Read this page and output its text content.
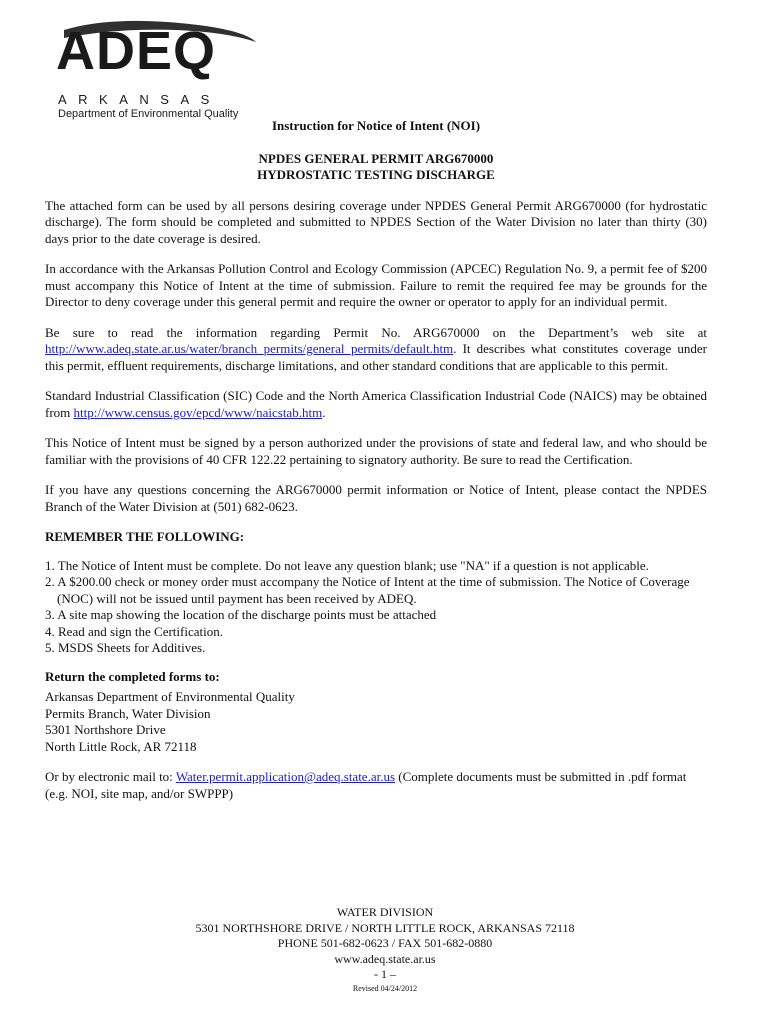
ADEQ
ARKANSAS
Department of Environmental Quality
Instruction for Notice of Intent (NOI)
NPDES GENERAL PERMIT ARG670000
HYDROSTATIC TESTING DISCHARGE

The attached form can be used by all persons desiring coverage under NPDES General Permit ARG670000 (for hydrostatic discharge). The form should be completed and submitted to NPDES Section of the Water Division no later than thirty (30) days prior to the date coverage is desired.

In accordance with the Arkansas Pollution Control and Ecology Commission (APCEC) Regulation No. 9, a permit fee of $200 must accompany this Notice of Intent at the time of submission. Failure to remit the required fee may be grounds for the Director to deny coverage under this general permit and require the owner or operator to apply for an individual permit.

Be sure to read the information regarding Permit No. ARG670000 on the Department’s web site at http://www.adeq.state.ar.us/water/branch_permits/general_permits/default.htm. It describes what constitutes coverage under this permit, effluent requirements, discharge limitations, and other standard conditions that are applicable to this permit.

Standard Industrial Classification (SIC) Code and the North America Classification Industrial Code (NAICS) may be obtained from http://www.census.gov/epcd/www/naicstab.htm.

This Notice of Intent must be signed by a person authorized under the provisions of state and federal law, and who should be familiar with the provisions of 40 CFR 122.22 pertaining to signatory authority. Be sure to read the Certification.

If you have any questions concerning the ARG670000 permit information or Notice of Intent, please contact the NPDES Branch of the Water Division at (501) 682-0623.

REMEMBER THE FOLLOWING:
1. The Notice of Intent must be complete. Do not leave any question blank; use "NA" if a question is not applicable.
2. A $200.00 check or money order must accompany the Notice of Intent at the time of submission. The Notice of Coverage (NOC) will not be issued until payment has been received by ADEQ.
3. A site map showing the location of the discharge points must be attached
4. Read and sign the Certification.
5. MSDS Sheets for Additives.
Return the completed forms to:
Arkansas Department of Environmental Quality
Permits Branch, Water Division
5301 Northshore Drive
North Little Rock, AR 72118

Or by electronic mail to: Water.permit.application@adeq.state.ar.us (Complete documents must be submitted in .pdf format (e.g. NOI, site map, and/or SWPPP)

WATER DIVISION
5301 NORTHSHORE DRIVE / NORTH LITTLE ROCK, ARKANSAS 72118
PHONE 501-682-0623 / FAX 501-682-0880
www.adeq.state.ar.us
- 1 –
Revised 04/24/2012
